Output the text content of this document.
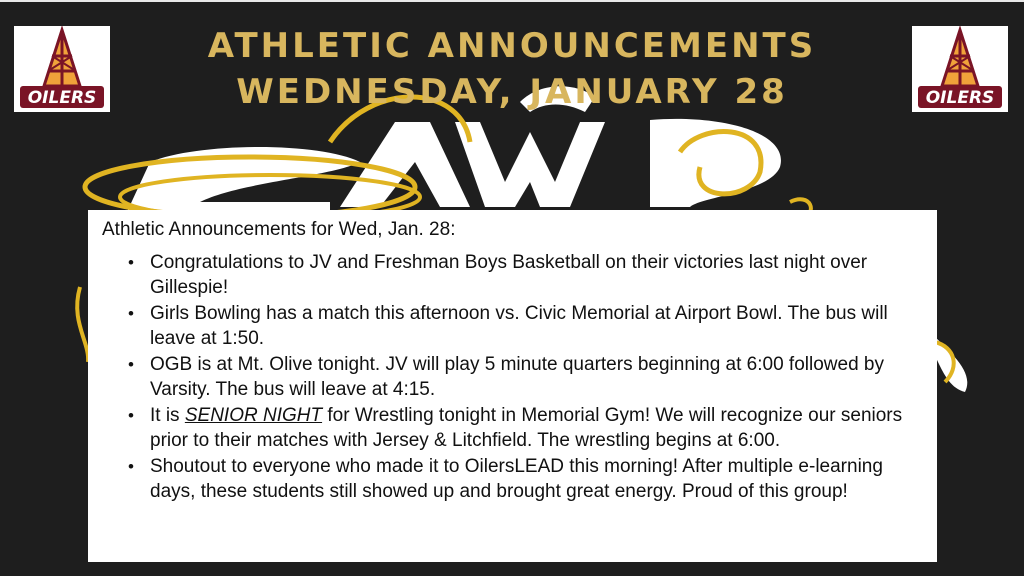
OILERS	OILERS
ATHLETIC ANNOUNCEMENTS
WEDNESDAY, JANUARY 28

Athletic Announcements for Wed, Jan. 28:

• Congratulations to JV and Freshman Boys Basketball on their victories last night over Gillespie!
• Girls Bowling has a match this afternoon vs. Civic Memorial at Airport Bowl. The bus will leave at 1:50.
• OGB is at Mt. Olive tonight. JV will play 5 minute quarters beginning at 6:00 followed by Varsity. The bus will leave at 4:15.
• It is SENIOR NIGHT for Wrestling tonight in Memorial Gym! We will recognize our seniors prior to their matches with Jersey & Litchfield. The wrestling begins at 6:00.
• Shoutout to everyone who made it to OilersLEAD this morning! After multiple e-learning days, these students still showed up and brought great energy. Proud of this group!
